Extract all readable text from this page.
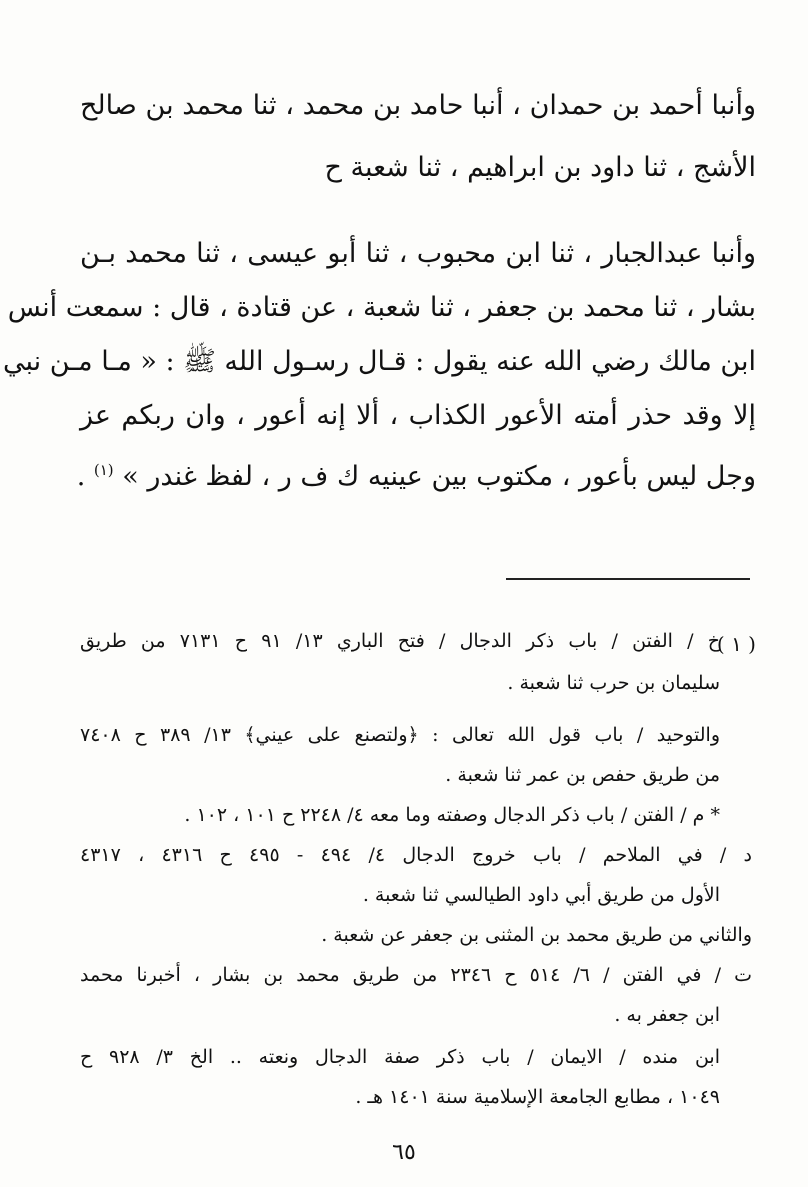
وأنبا أحمد بن حمدان ، أنبا حامد بن محمد ، ثنا محمد بن صالح
الأشج ، ثنا داود بن ابراهيم ، ثنا شعبة ح
وأنبا عبدالجبار ، ثنا ابن محبوب ، ثنا أبو عيسى ، ثنا محمد بـن
بشار ، ثنا محمد بن جعفر ، ثنا شعبة ، عن قتادة ، قال : سمعت أنس
ابن مالك رضي الله عنه يقول : قـال رسـول الله ﷺ : « مـا مـن نبي
إلا وقد حذر أمته الأعور الكذاب ، ألا إنه أعور ، وان ربكم عز
وجل ليس بأعور ، مكتوب بين عينيه ك ف ر ، لفظ غندر » $^{(١)}$ .
( ١ )
خ / الفتن / باب ذكر الدجال / فتح الباري ١٣/ ٩١ ح ٧١٣١ من طريق
سليمان بن حرب ثنا شعبة .
والتوحيد / باب قول الله تعالى : ﴿ولتصنع على عيني﴾ ١٣/ ٣٨٩ ح ٧٤٠٨
من طريق حفص بن عمر ثنا شعبة .
* م / الفتن / باب ذكر الدجال وصفته وما معه ٤/ ٢٢٤٨ ح ١٠١ ، ١٠٢ .
د / في الملاحم / باب خروج الدجال ٤/ ٤٩٤ - ٤٩٥ ح ٤٣١٦ ، ٤٣١٧
الأول من طريق أبي داود الطيالسي ثنا شعبة .
والثاني من طريق محمد بن المثنى بن جعفر عن شعبة .
ت / في الفتن / ٦/ ٥١٤ ح ٢٣٤٦ من طريق محمد بن بشار ، أخبرنا محمد
ابن جعفر به .
ابن منده / الايمان / باب ذكر صفة الدجال ونعته .. الخ ٣/ ٩٢٨ ح
١٠٤٩ ، مطابع الجامعة الإسلامية سنة ١٤٠١ هـ .
٦٥
